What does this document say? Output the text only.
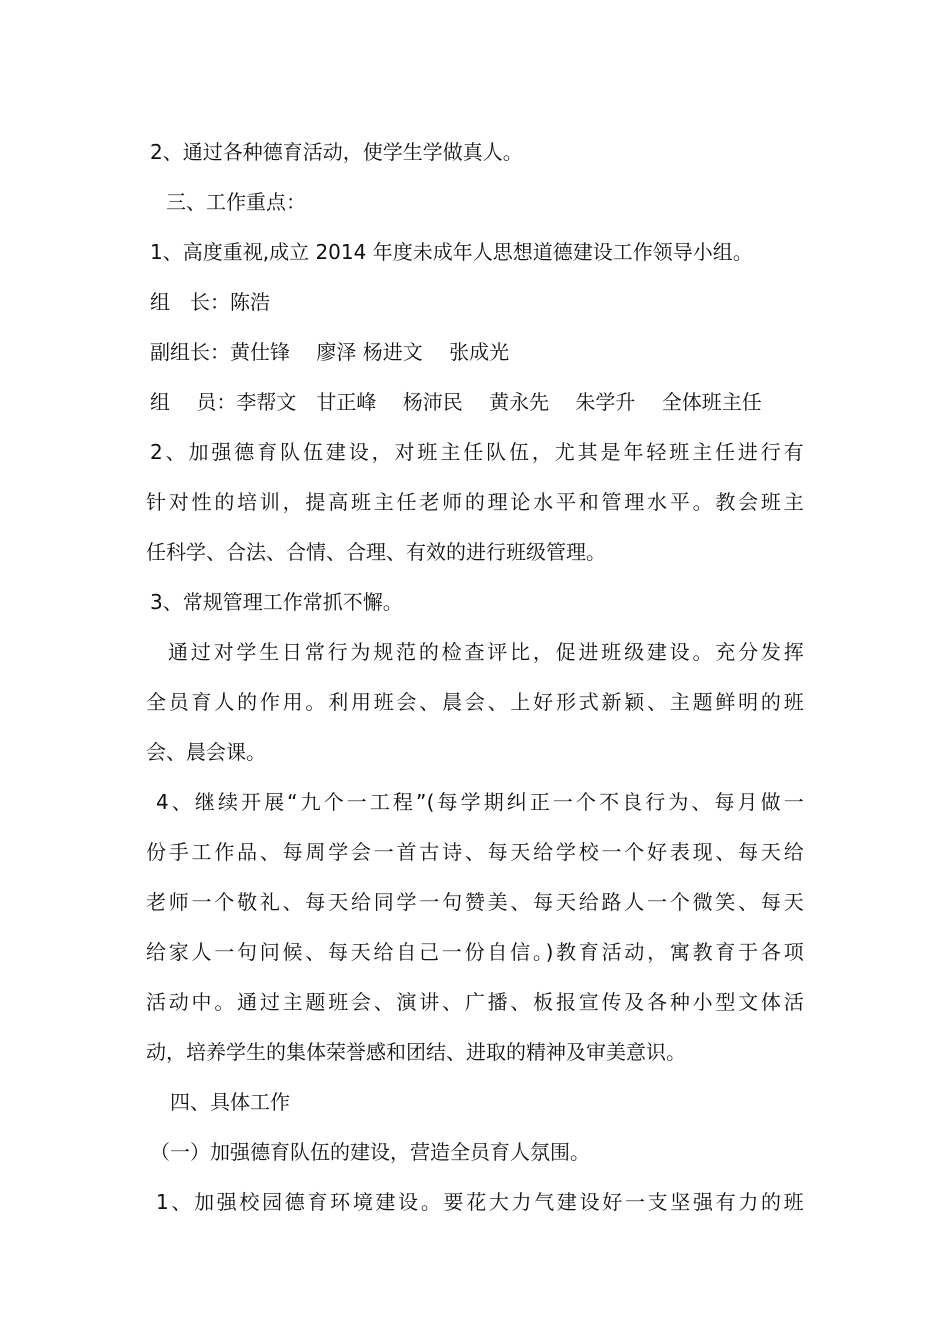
2、通过各种德育活动，使学生学做真人。
三、工作重点：
1、高度重视,成立 2014 年度未成年人思想道德建设工作领导小组。
组　长：陈浩
副组长：黄仕锋　 廖泽 杨进文　 张成光
组　 员：李帮文　甘正峰　 杨沛民　 黄永先　 朱学升　 全体班主任
2、加强德育队伍建设，对班主任队伍，尤其是年轻班主任进行有
针对性的培训，提高班主任老师的理论水平和管理水平。教会班主
任科学、合法、合情、合理、有效的进行班级管理。
3、常规管理工作常抓不懈。
通过对学生日常行为规范的检查评比，促进班级建设。充分发挥
全员育人的作用。利用班会、晨会、上好形式新颖、主题鲜明的班
会、晨会课。
4、继续开展“九个一工程”(每学期纠正一个不良行为、每月做一
份手工作品、每周学会一首古诗、每天给学校一个好表现、每天给
老师一个敬礼、每天给同学一句赞美、每天给路人一个微笑、每天
给家人一句问候、每天给自己一份自信。)教育活动，寓教育于各项
活动中。通过主题班会、演讲、广播、板报宣传及各种小型文体活
动，培养学生的集体荣誉感和团结、进取的精神及审美意识。
四、具体工作
（一）加强德育队伍的建设，营造全员育人氛围。
1、加强校园德育环境建设。要花大力气建设好一支坚强有力的班
